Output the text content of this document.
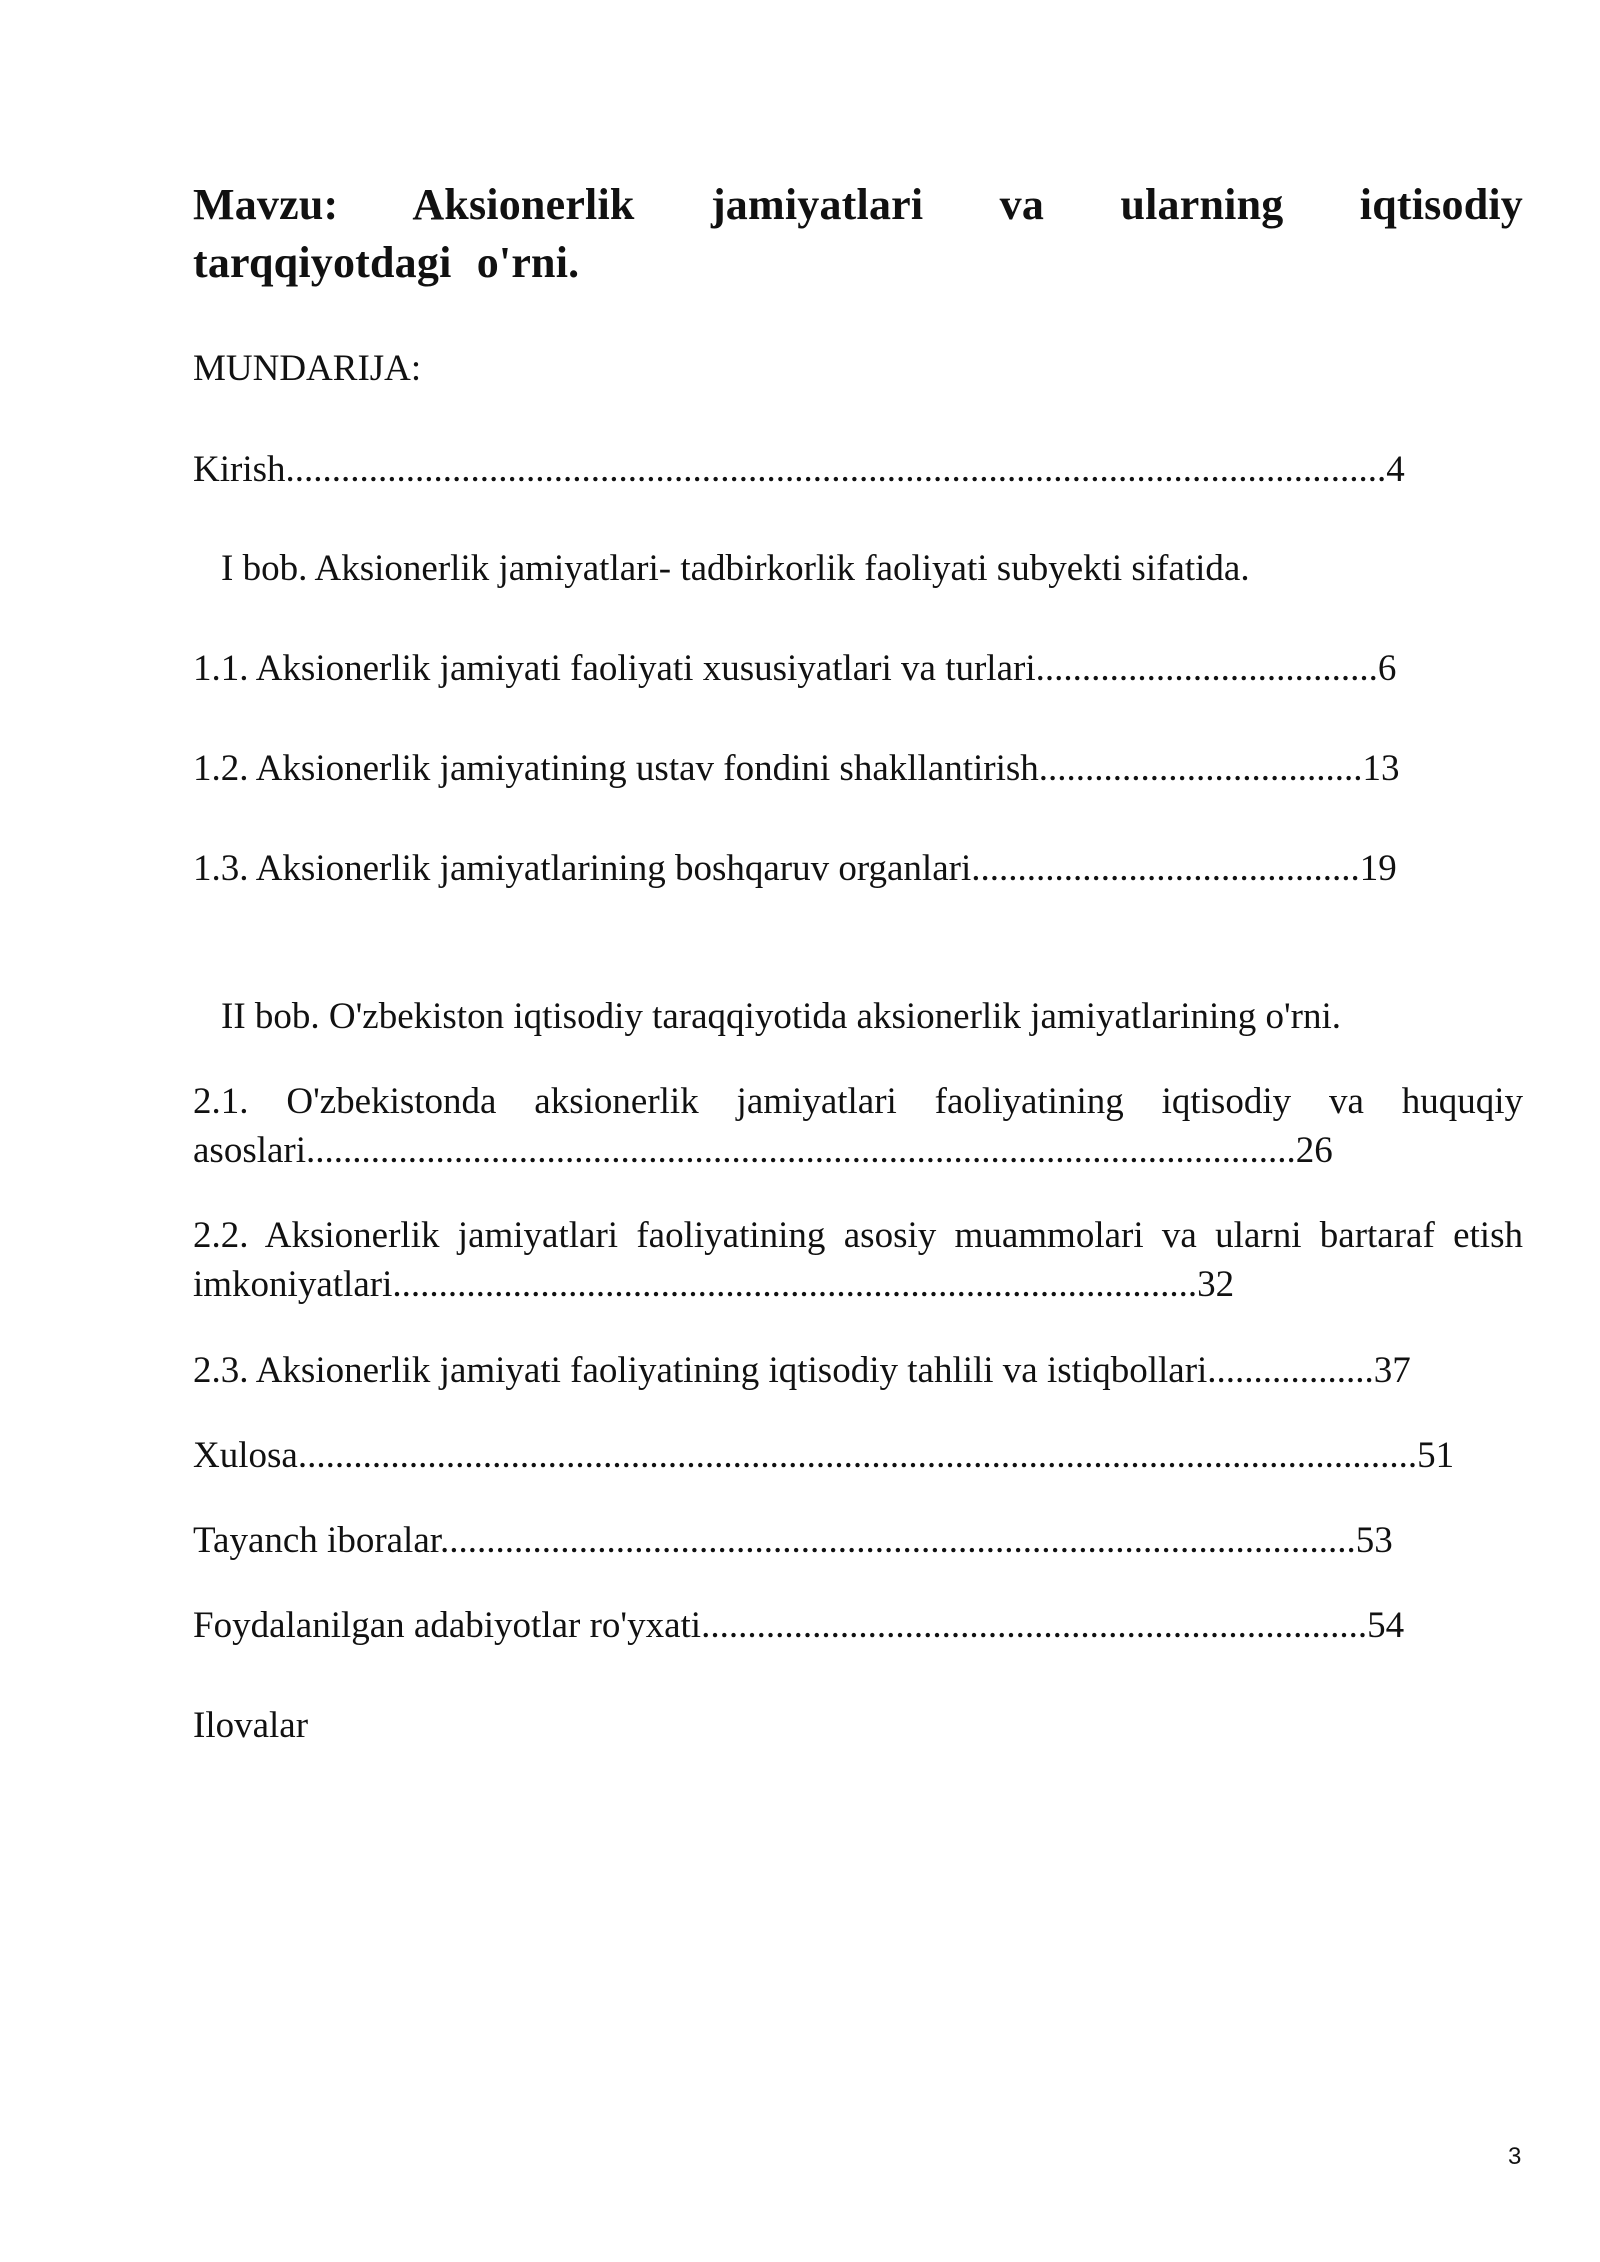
Mavzu: Aksionerlik jamiyatlari va ularning iqtisodiy tarqqiyotdagi o'rni.

MUNDARIJA:

Kirish.......................................................................................................................4

I bob. Aksionerlik jamiyatlari- tadbirkorlik faoliyati subyekti sifatida.

1.1. Aksionerlik jamiyati faoliyati xususiyatlari va turlari.....................................6

1.2. Aksionerlik jamiyatining ustav fondini shakllantirish...................................13

1.3. Aksionerlik jamiyatlarining boshqaruv organlari..........................................19

II bob. O'zbekiston iqtisodiy taraqqiyotida aksionerlik jamiyatlarining o'rni.

2.1. O'zbekistonda aksionerlik jamiyatlari faoliyatining iqtisodiy va huquqiy asoslari...........................................................................................................26

2.2. Aksionerlik jamiyatlari faoliyatining asosiy muammolari va ularni bartaraf etish imkoniyatlari.......................................................................................32

2.3. Aksionerlik jamiyati faoliyatining iqtisodiy tahlili va istiqbollari..................37

Xulosa.........................................................................................................................51

Tayanch iboralar...................................................................................................53

Foydalanilgan adabiyotlar ro'yxati........................................................................54

Ilovalar

3
